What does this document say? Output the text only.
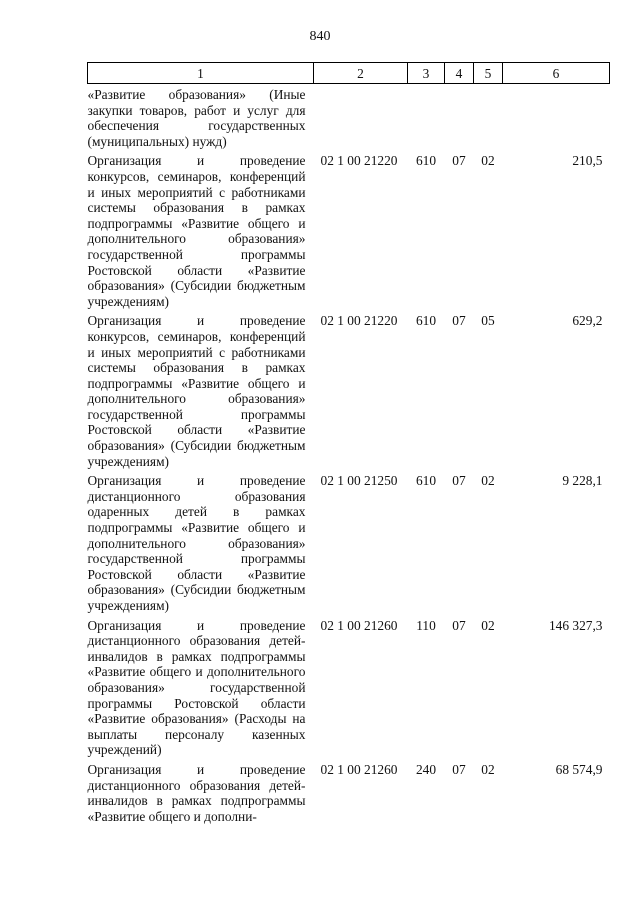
840
1	2	3	4	5	6
«Развитие образования» (Иные закупки товаров, работ и услуг для обеспечения государственных (муниципальных) нужд)					
Организация и проведение конкурсов, семинаров, конференций и иных мероприятий с работниками системы образования в рамках подпрограммы «Развитие общего и дополнительного образования» государственной программы Ростовской области «Развитие образования» (Субсидии бюджетным учреждениям)	02 1 00 21220	610	07	02	210,5
Организация и проведение конкурсов, семинаров, конференций и иных мероприятий с работниками системы образования в рамках подпрограммы «Развитие общего и дополнительного образования» государственной программы Ростовской области «Развитие образования» (Субсидии бюджетным учреждениям)	02 1 00 21220	610	07	05	629,2
Организация и проведение дистанционного образования одаренных детей в рамках подпрограммы «Развитие общего и дополнительного образования» государственной программы Ростовской области «Развитие образования» (Субсидии бюджетным учреждениям)	02 1 00 21250	610	07	02	9 228,1
Организация и проведение дистанционного образования детей-инвалидов в рамках подпрограммы «Развитие общего и дополнительного образования» государственной программы Ростовской области «Развитие образования» (Расходы на выплаты персоналу казенных учреждений)	02 1 00 21260	110	07	02	146 327,3
Организация и проведение дистанционного образования детей-инвалидов в рамках подпрограммы «Развитие общего и дополни-	02 1 00 21260	240	07	02	68 574,9
